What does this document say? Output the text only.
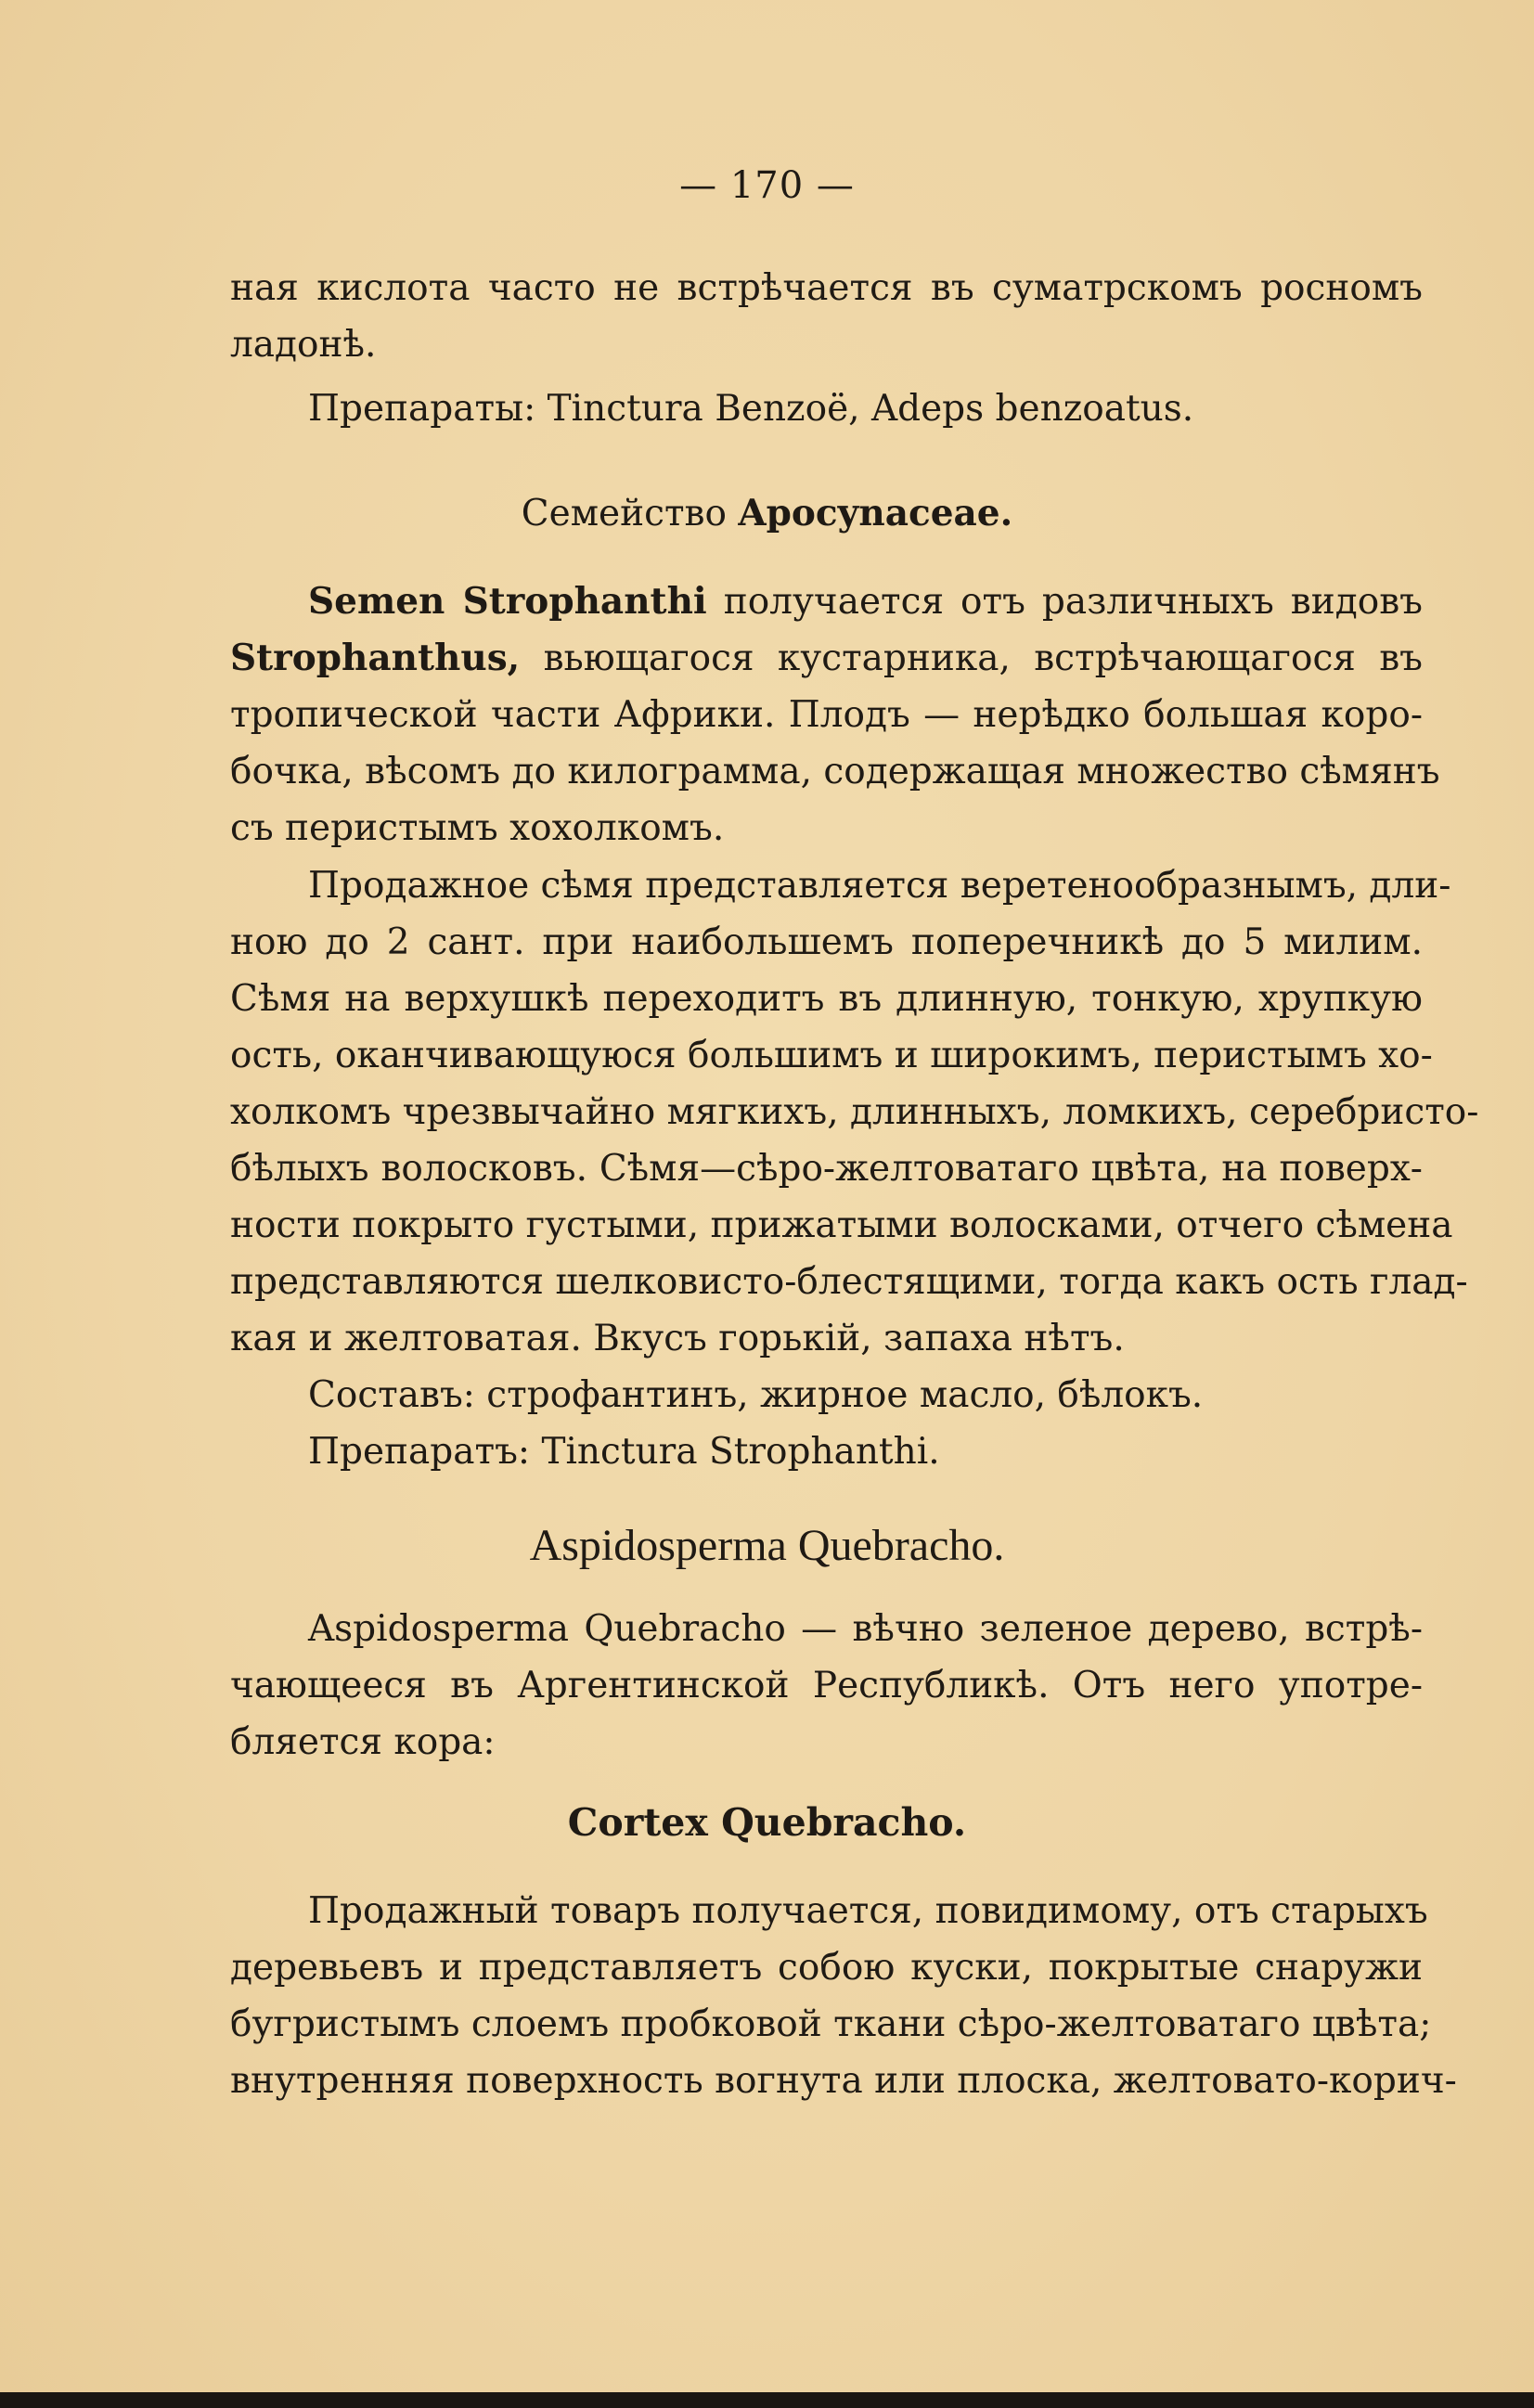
— 170 —
ная кислота часто не встрѣчается въ суматрскомъ росномъ
ладонѣ.
Препараты: Tinctura Benzoë, Adeps benzoatus.
Семейство Apocynaceae.
Semen Strophanthi получается отъ различныхъ видовъ
Strophanthus, вьющагося кустарника, встрѣчающагося въ
тропической части Африки. Плодъ — нерѣдко большая коро-
бочка, вѣсомъ до килограмма, содержащая множество сѣмянъ
съ перистымъ хохолкомъ.
Продажное сѣмя представляется веретенообразнымъ, дли-
ною до 2 сант. при наибольшемъ поперечникѣ до 5 милим.
Сѣмя на верхушкѣ переходитъ въ длинную, тонкую, хрупкую
ость, оканчивающуюся большимъ и широкимъ, перистымъ хо-
холкомъ чрезвычайно мягкихъ, длинныхъ, ломкихъ, серебристо-
бѣлыхъ волосковъ. Сѣмя—сѣро-желтоватаго цвѣта, на поверх-
ности покрыто густыми, прижатыми волосками, отчего сѣмена
представляются шелковисто-блестящими, тогда какъ ость глад-
кая и желтоватая. Вкусъ горькій, запаха нѣтъ.
Составъ: строфантинъ, жирное масло, бѣлокъ.
Препаратъ: Tinctura Strophanthi.
Aspidosperma Quebracho.
Aspidosperma Quebracho — вѣчно зеленое дерево, встрѣ-
чающееся въ Аргентинской Республикѣ. Отъ него употре-
бляется кора:
Cortex Quebracho.
Продажный товаръ получается, повидимому, отъ старыхъ
деревьевъ и представляетъ собою куски, покрытые снаружи
бугристымъ слоемъ пробковой ткани сѣро-желтоватаго цвѣта;
внутренняя поверхность вогнута или плоска, желтовато-корич-
